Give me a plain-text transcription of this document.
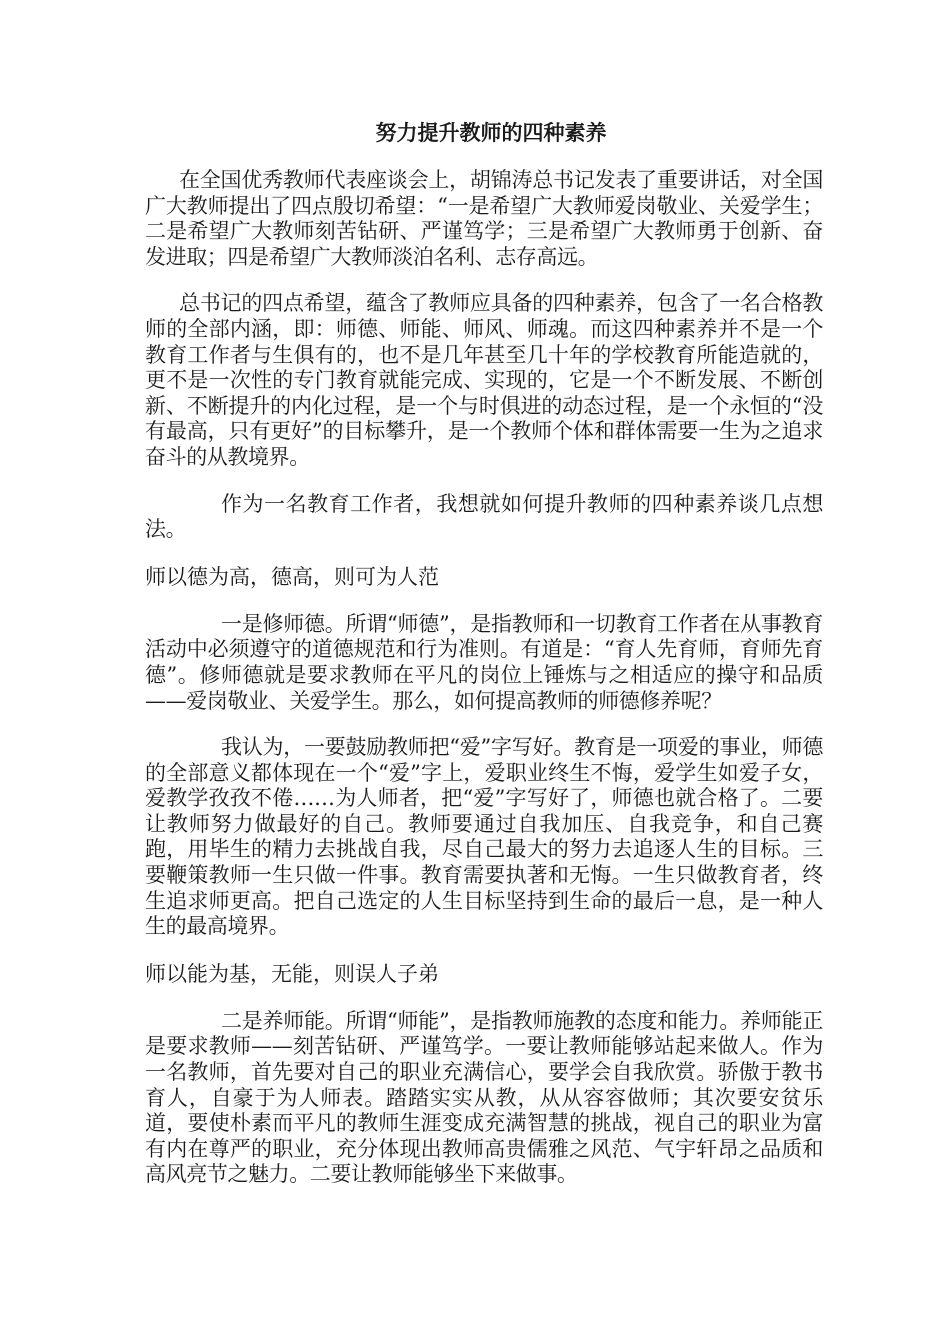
努力提升教师的四种素养

在全国优秀教师代表座谈会上，胡锦涛总书记发表了重要讲话，对全国广大教师提出了四点殷切希望：“一是希望广大教师爱岗敬业、关爱学生；二是希望广大教师刻苦钻研、严谨笃学；三是希望广大教师勇于创新、奋发进取；四是希望广大教师淡泊名利、志存高远。

总书记的四点希望，蕴含了教师应具备的四种素养，包含了一名合格教师的全部内涵，即：师德、师能、师风、师魂。而这四种素养并不是一个教育工作者与生俱有的，也不是几年甚至几十年的学校教育所能造就的，更不是一次性的专门教育就能完成、实现的，它是一个不断发展、不断创新、不断提升的内化过程，是一个与时俱进的动态过程，是一个永恒的“没有最高，只有更好”的目标攀升，是一个教师个体和群体需要一生为之追求奋斗的从教境界。

作为一名教育工作者，我想就如何提升教师的四种素养谈几点想法。

师以德为高，德高，则可为人范

一是修师德。所谓“师德”，是指教师和一切教育工作者在从事教育活动中必须遵守的道德规范和行为准则。有道是：“育人先育师，育师先育德”。修师德就是要求教师在平凡的岗位上锤炼与之相适应的操守和品质——爱岗敬业、关爱学生。那么，如何提高教师的师德修养呢？

我认为，一要鼓励教师把“爱”字写好。教育是一项爱的事业，师德的全部意义都体现在一个“爱”字上，爱职业终生不悔，爱学生如爱子女，爱教学孜孜不倦……为人师者，把“爱”字写好了，师德也就合格了。二要让教师努力做最好的自己。教师要通过自我加压、自我竞争，和自己赛跑，用毕生的精力去挑战自我，尽自己最大的努力去追逐人生的目标。三要鞭策教师一生只做一件事。教育需要执著和无悔。一生只做教育者，终生追求师更高。把自己选定的人生目标坚持到生命的最后一息，是一种人生的最高境界。

师以能为基，无能，则误人子弟

二是养师能。所谓“师能”，是指教师施教的态度和能力。养师能正是要求教师——刻苦钻研、严谨笃学。一要让教师能够站起来做人。作为一名教师，首先要对自己的职业充满信心，要学会自我欣赏。骄傲于教书育人，自豪于为人师表。踏踏实实从教，从从容容做师；其次要安贫乐道，要使朴素而平凡的教师生涯变成充满智慧的挑战，视自己的职业为富有内在尊严的职业，充分体现出教师高贵儒雅之风范、气宇轩昂之品质和高风亮节之魅力。二要让教师能够坐下来做事。
